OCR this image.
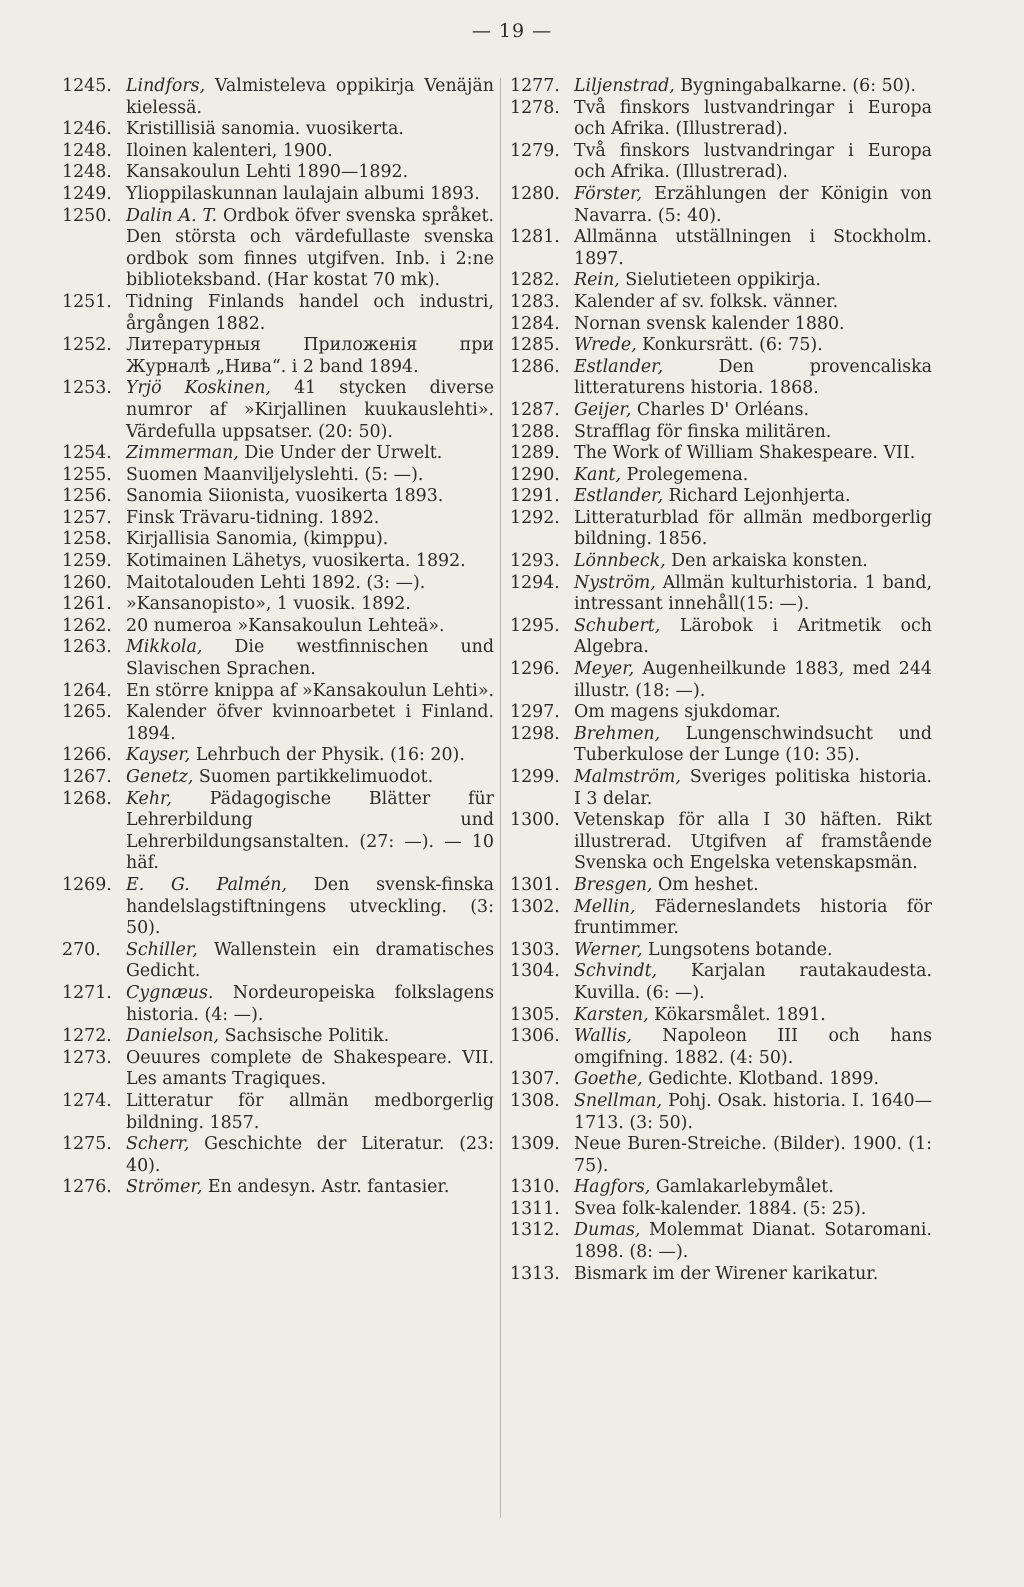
— 19 —
1245. Lindfors, Valmisteleva oppikirja Venäjän kielessä.
1246. Kristillisiä sanomia. vuosikerta.
1248. Iloinen kalenteri, 1900.
1248. Kansakoulun Lehti 1890—1892.
1249. Ylioppilaskunnan laulajain albumi 1893.
1250. Dalin A. T. Ordbok öfver svenska språket. Den största och värdefullaste svenska ordbok som finnes utgifven. Inb. i 2:ne biblioteksband. (Har kostat 70 mk).
1251. Tidning Finlands handel och industri, årgången 1882.
1252. Литературныя Приложенія при Журналѣ „Нива“. i 2 band 1894.
1253. Yrjö Koskinen, 41 stycken diverse numror af »Kirjallinen kuukauslehti». Värdefulla uppsatser. (20: 50).
1254. Zimmerman, Die Under der Urwelt.
1255. Suomen Maanviljelyslehti. (5: —).
1256. Sanomia Siionista, vuosikerta 1893.
1257. Finsk Trävaru-tidning. 1892.
1258. Kirjallisia Sanomia, (kimppu).
1259. Kotimainen Lähetys, vuosikerta. 1892.
1260. Maitotalouden Lehti 1892. (3: —).
1261. »Kansanopisto», 1 vuosik. 1892.
1262. 20 numeroa »Kansakoulun Lehteä».
1263. Mikkola, Die westfinnischen und Slavischen Sprachen.
1264. En större knippa af »Kansakoulun Lehti».
1265. Kalender öfver kvinnoarbetet i Finland. 1894.
1266. Kayser, Lehrbuch der Physik. (16: 20).
1267. Genetz, Suomen partikkelimuodot.
1268. Kehr, Pädagogische Blätter für Lehrerbildung und Lehrerbildungsanstalten. (27: —). — 10 häf.
1269. E. G. Palmén, Den svensk-finska handelslagstiftningens utveckling. (3: 50).
270.	Schiller, Wallenstein ein dramatisches Gedicht.
1271. Cygnæus. Nordeuropeiska folkslagens historia. (4: —).
1272. Danielson, Sachsische Politik.
1273. Oeuures complete de Shakespeare. VII. Les amants Tragiques.
1274. Litteratur för allmän medborgerlig bildning. 1857.
1275. Scherr, Geschichte der Literatur. (23: 40).
1276. Strömer, En andesyn. Astr. fantasier.
1277. Liljenstrad, Bygningabalkarne. (6: 50).
1278. Två finskors lustvandringar i Europa och Afrika. (Illustrerad).
1279. Två finskors lustvandringar i Europa och Afrika. (Illustrerad).
1280. Förster, Erzählungen der Königin von Navarra. (5: 40).
1281. Allmänna utställningen i Stockholm. 1897.
1282. Rein, Sielutieteen oppikirja.
1283. Kalender af sv. folksk. vänner.
1284. Nornan svensk kalender 1880.
1285. Wrede, Konkursrätt. (6: 75).
1286. Estlander, Den provencaliska litteraturens historia. 1868.
1287. Geijer, Charles D' Orléans.
1288. Strafflag för finska militären.
1289. The Work of William Shakespeare. VII.
1290. Kant, Prolegemena.
1291. Estlander, Richard Lejonhjerta.
1292. Litteraturblad för allmän medborgerlig bildning. 1856.
1293. Lönnbeck, Den arkaiska konsten.
1294. Nyström, Allmän kulturhistoria. 1 band, intressant innehåll(15: —).
1295. Schubert, Lärobok i Aritmetik och Algebra.
1296. Meyer, Augenheilkunde 1883, med 244 illustr. (18: —).
1297. Om magens sjukdomar.
1298. Brehmen, Lungenschwindsucht und Tuberkulose der Lunge (10: 35).
1299. Malmström, Sveriges politiska historia. I 3 delar.
1300. Vetenskap för alla I 30 häften. Rikt illustrerad. Utgifven af framstående Svenska och Engelska vetenskapsmän.
1301. Bresgen, Om heshet.
1302. Mellin, Fäderneslandets historia för fruntimmer.
1303. Werner, Lungsotens botande.
1304. Schvindt, Karjalan rautakaudesta. Kuvilla. (6: —).
1305. Karsten, Kökarsmålet. 1891.
1306. Wallis, Napoleon III och hans omgifning. 1882. (4: 50).
1307. Goethe, Gedichte. Klotband. 1899.
1308. Snellman, Pohj. Osak. historia. I. 1640—1713. (3: 50).
1309. Neue Buren-Streiche. (Bilder). 1900. (1: 75).
1310. Hagfors, Gamlakarlebymålet.
1311. Svea folk-kalender. 1884. (5: 25).
1312. Dumas, Molemmat Dianat. Sotaromani. 1898. (8: —).
1313. Bismark im der Wirener karikatur.
